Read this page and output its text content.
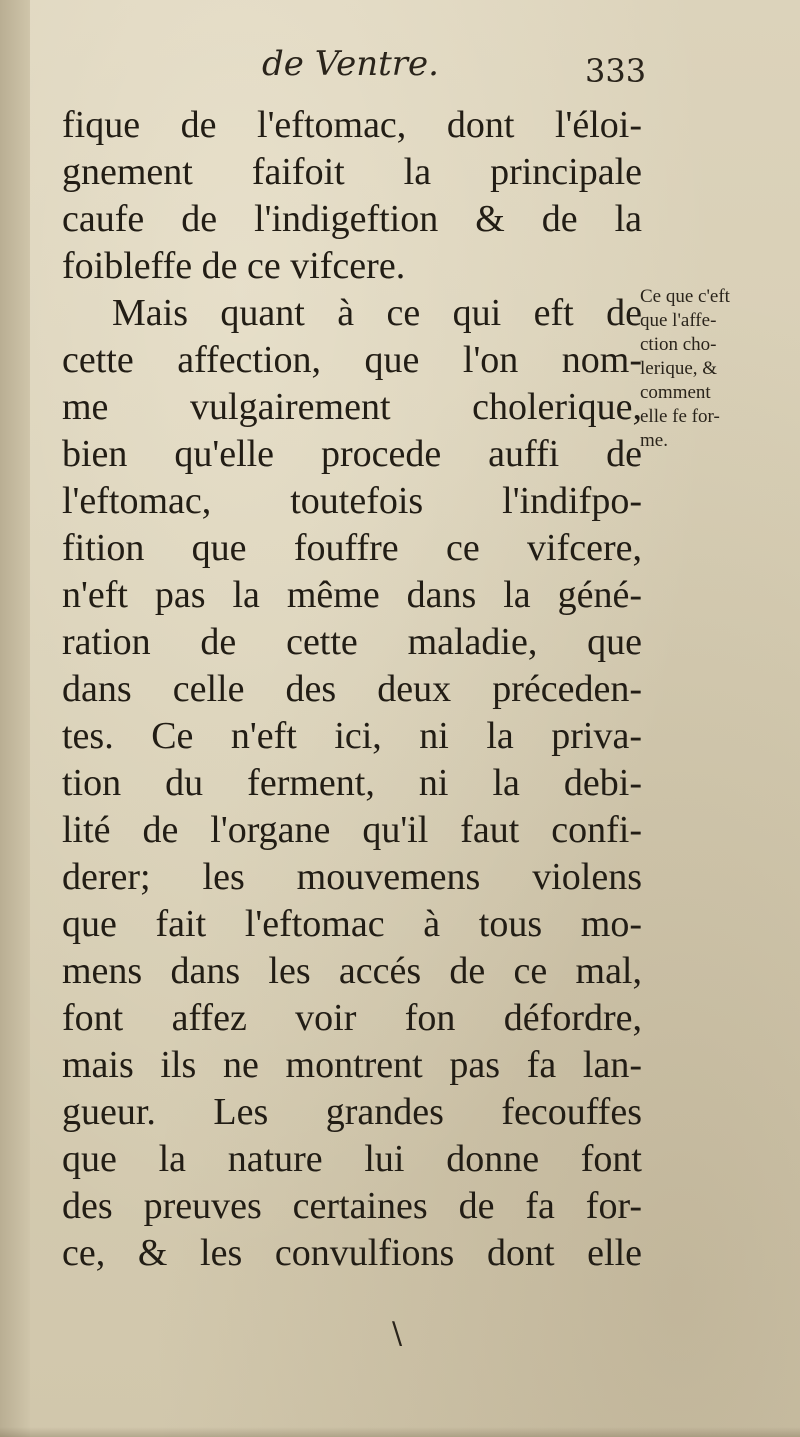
de Ventre.	333
fique de l'eftomac, dont l'éloi-
gnement faifoit la principale
caufe de l'indigeftion & de la
foibleffe de ce vifcere.
Mais quant à ce qui eft de
cette affection, que l'on nom-
me vulgairement cholerique,
bien qu'elle procede auffi de
l'eftomac, toutefois l'indifpo-
fition que fouffre ce vifcere,
n'eft pas la même dans la géné-
ration de cette maladie, que
dans celle des deux préceden-
tes. Ce n'eft ici, ni la priva-
tion du ferment, ni la debi-
lité de l'organe qu'il faut confi-
derer; les mouvemens violens
que fait l'eftomac à tous mo-
mens dans les accés de ce mal,
font affez voir fon défordre,
mais ils ne montrent pas fa lan-
gueur. Les grandes fecouffes
que la nature lui donne font
des preuves certaines de fa for-
ce, & les convulfions dont elle
Ce que c'eft
que l'affe-
ction cho-
lerique, &
comment
elle fe for-
me.
\
